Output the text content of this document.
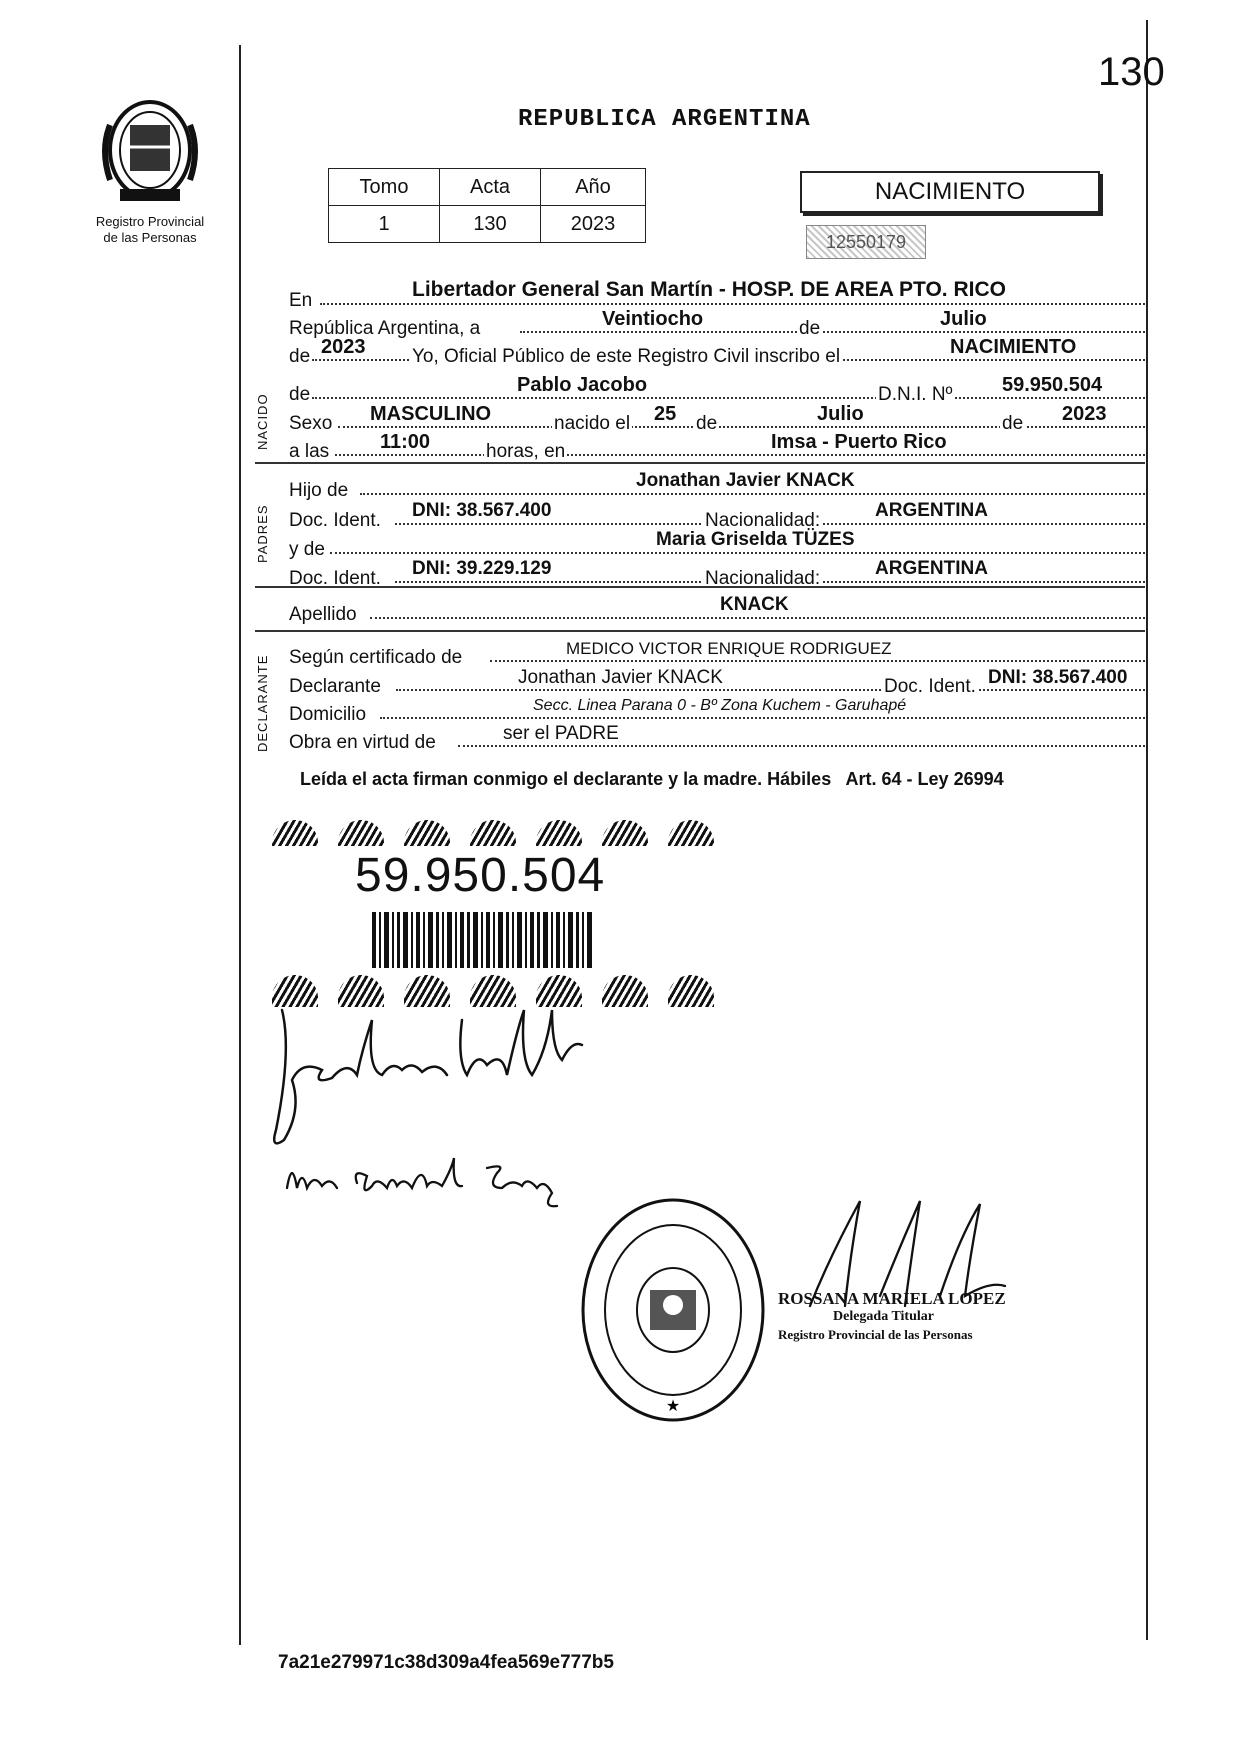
130
Registro Provincial
de las Personas
REPUBLICA ARGENTINA
Tomo	Acta	Año
1	130	2023
NACIMIENTO
12550179
En	Libertador General San Martín - HOSP. DE AREA PTO. RICO
República Argentina, a	Veintiocho	de	Julio
de 2023 Yo, Oficial Público de este Registro Civil inscribo el	NACIMIENTO
NACIDO de	Pablo Jacobo	D.N.I. Nº 59.950.504
Sexo MASCULINO	nacido el 25 de	Julio	de 2023
a las	11:00	horas, en	Imsa - Puerto Rico
PADRES
Hijo de	Jonathan Javier KNACK
Doc. Ident. DNI: 38.567.400	Nacionalidad:	ARGENTINA
y de	Maria Griselda TÜZES
Doc. Ident. DNI: 39.229.129	Nacionalidad:	ARGENTINA
Apellido	KNACK
DECLARANTE Según certificado de	MEDICO VICTOR ENRIQUE RODRIGUEZ
Declarante	Jonathan Javier KNACK	Doc. Ident. DNI: 38.567.400
Domicilio	Secc. Linea Parana 0 - Bº Zona Kuchem - Garuhapé
Obra en virtud de	ser el PADRE
Leída el acta firman conmigo el declarante y la madre. Hábiles   Art. 64 - Ley 26994
59.950.504
★
ROSSANA MARIELA LOPEZ
Delegada Titular
Registro Provincial de las Personas
7a21e279971c38d309a4fea569e777b5
